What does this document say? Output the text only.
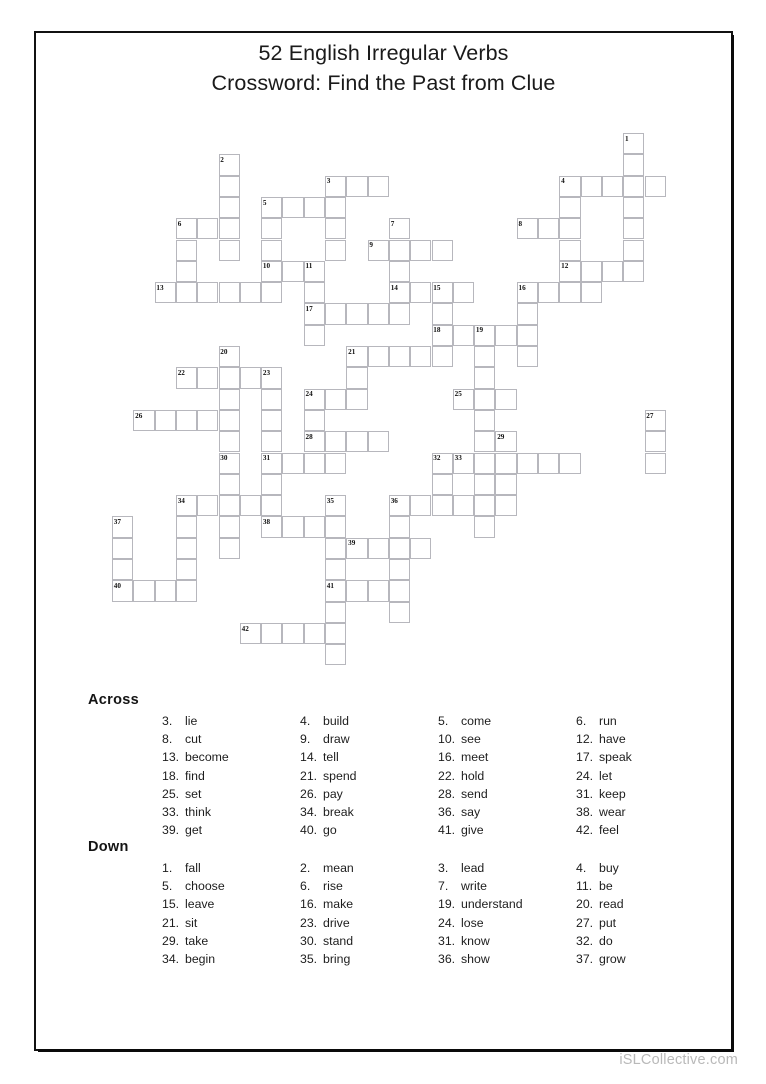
52 English Irregular Verbs
Crossword: Find the Past from Clue
1
2
3	4
5
6	7	8
9
10	11	12
13	14	15	16
17
18	19
20	21
22	23
24	25
26	27
28	29
30	31	32 33
34	35	36
37	38
39
40	41
42
Across
3.	lie	4.	build	5.	come	6.	run
8.	cut	9.	draw	10. see	12. have
13. become	14. tell	16. meet	17. speak
18. find	21. spend	22. hold	24. let
25. set	26. pay	28. send	31. keep
33. think	34. break	36. say	38. wear
39. get	40. go	41. give	42. feel
Down
1.	fall	2.	mean	3.	lead	4.	buy
5.	choose	6.	rise	7.	write	11. be
15. leave	16. make	19. understand	20. read
21. sit	23. drive	24. lose	27. put
29. take	30. stand	31. know	32. do
34. begin	35. bring	36. show	37. grow
iSLCollective.com
